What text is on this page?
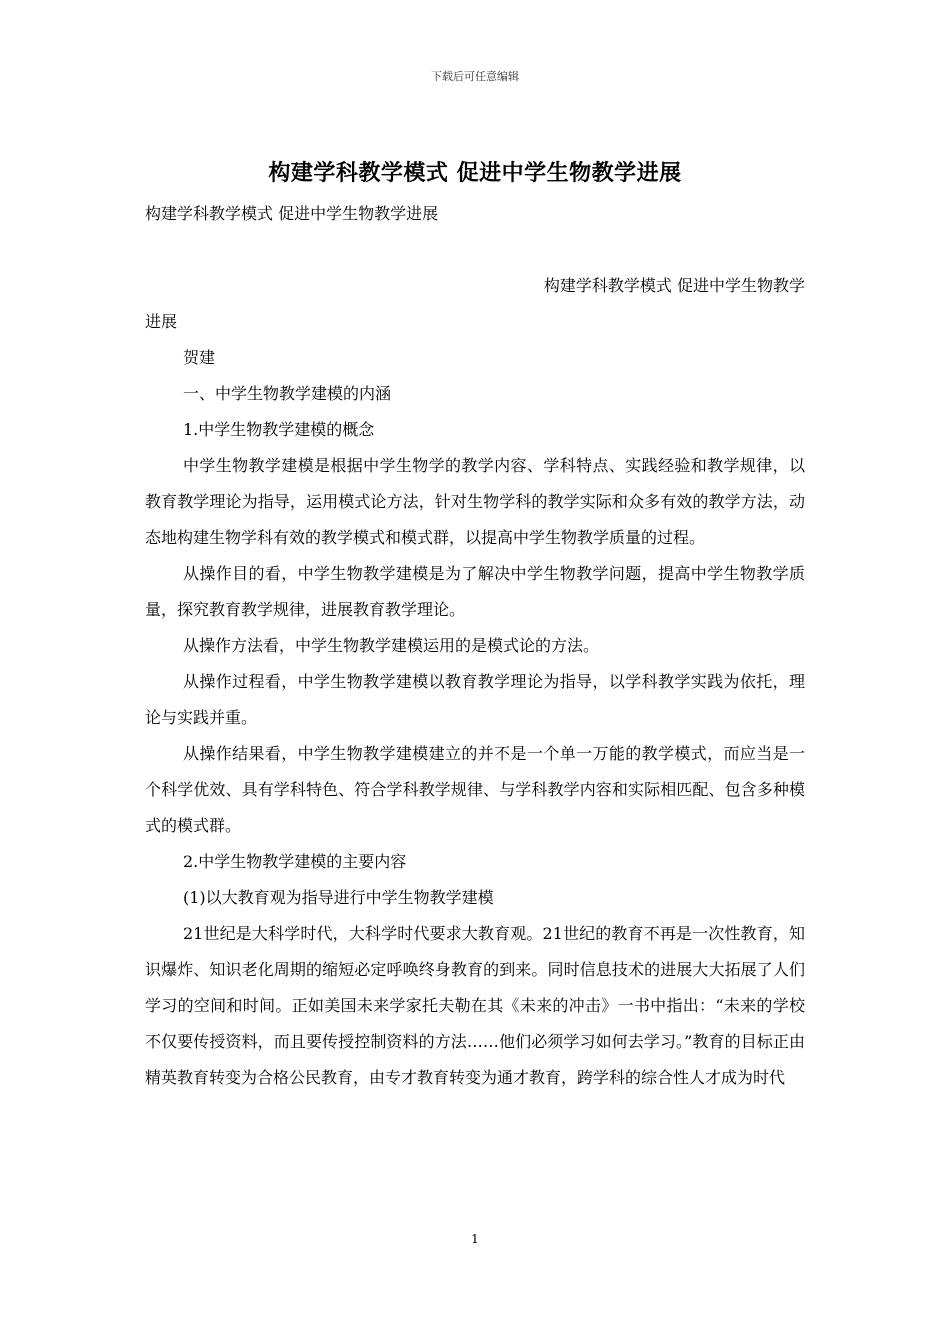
下载后可任意编辑
构建学科教学模式 促进中学生物教学进展

构建学科教学模式 促进中学生物教学进展

构建学科教学模式 促进中学生物教学

进展

贺建

一、中学生物教学建模的内涵

1.中学生物教学建模的概念

中学生物教学建模是根据中学生物学的教学内容、学科特点、实践经验和教学规律，以教育教学理论为指导，运用模式论方法，针对生物学科的教学实际和众多有效的教学方法，动态地构建生物学科有效的教学模式和模式群，以提高中学生物教学质量的过程。

从操作目的看，中学生物教学建模是为了解决中学生物教学问题，提高中学生物教学质量，探究教育教学规律，进展教育教学理论。

从操作方法看，中学生物教学建模运用的是模式论的方法。

从操作过程看，中学生物教学建模以教育教学理论为指导，以学科教学实践为依托，理论与实践并重。

从操作结果看，中学生物教学建模建立的并不是一个单一万能的教学模式，而应当是一个科学优效、具有学科特色、符合学科教学规律、与学科教学内容和实际相匹配、包含多种模式的模式群。

2.中学生物教学建模的主要内容

(1)以大教育观为指导进行中学生物教学建模

21世纪是大科学时代，大科学时代要求大教育观。21世纪的教育不再是一次性教育，知识爆炸、知识老化周期的缩短必定呼唤终身教育的到来。同时信息技术的进展大大拓展了人们学习的空间和时间。正如美国未来学家托夫勒在其《未来的冲击》一书中指出：“未来的学校不仅要传授资料，而且要传授控制资料的方法……他们必须学习如何去学习。”教育的目标正由精英教育转变为合格公民教育，由专才教育转变为通才教育，跨学科的综合性人才成为时代

1
